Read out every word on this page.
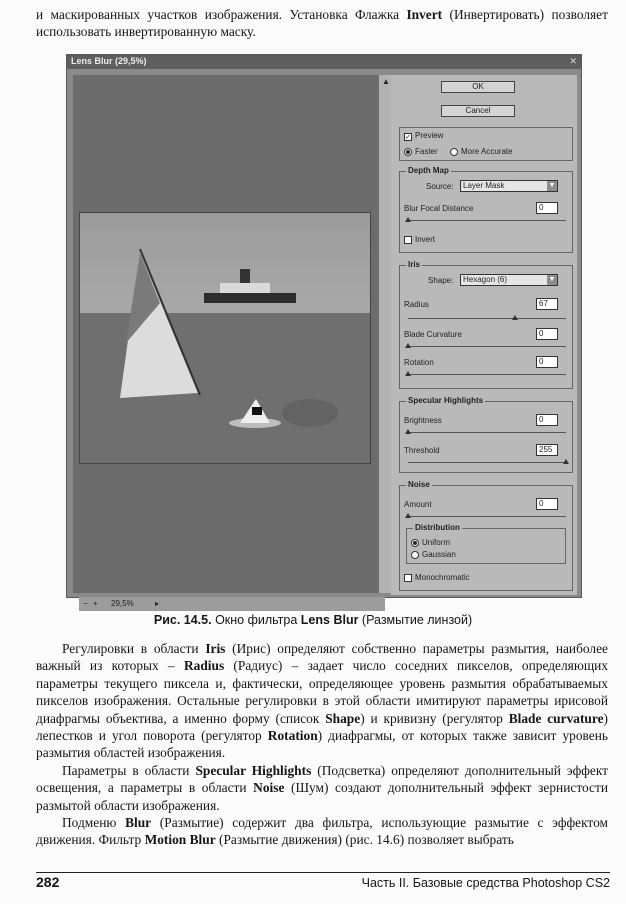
и маскированных участков изображения. Установка Флажка Invert (Инвертировать) позволяет использовать инвертированную маску.

Lens Blur (29,5%)	✕
− + 29,5%	▸
▲
OK
Cancel
✓ Preview
Faster	More Accurate
Depth Map
Source:	Layer Mask	▼
Blur Focal Distance	0
Invert
Iris
Shape:	Hexagon (6)	▼
Radius	67
Blade Curvature	0
Rotation	0
Specular Highlights
Brightness	0
Threshold	255
Noise
Amount	0
Distribution
Uniform
Gaussian
Monochromatic
Рис. 14.5. Окно фильтра Lens Blur (Размытие линзой)

Регулировки в области Iris (Ирис) определяют собственно параметры размытия, наиболее важный из которых – Radius (Радиус) – задает число соседних пикселов, определяющих параметры текущего пиксела и, фактически, определяющее уровень размытия обрабатываемых пикселов изображения. Остальные регулировки в этой области имитируют параметры ирисовой диафрагмы объектива, а именно форму (список Shape) и кривизну (регулятор Blade curvature) лепестков и угол поворота (регулятор Rotation) диафрагмы, от которых также зависит уровень размытия областей изображения.

Параметры в области Specular Highlights (Подсветка) определяют дополнительный эффект освещения, а параметры в области Noise (Шум) создают дополнительный эффект зернистости размытой области изображения.

Подменю Blur (Размытие) содержит два фильтра, использующие размытие с эффектом движения. Фильтр Motion Blur (Размытие движения) (рис. 14.6) позволяет выбрать

282	Часть II. Базовые средства Photoshop CS2
